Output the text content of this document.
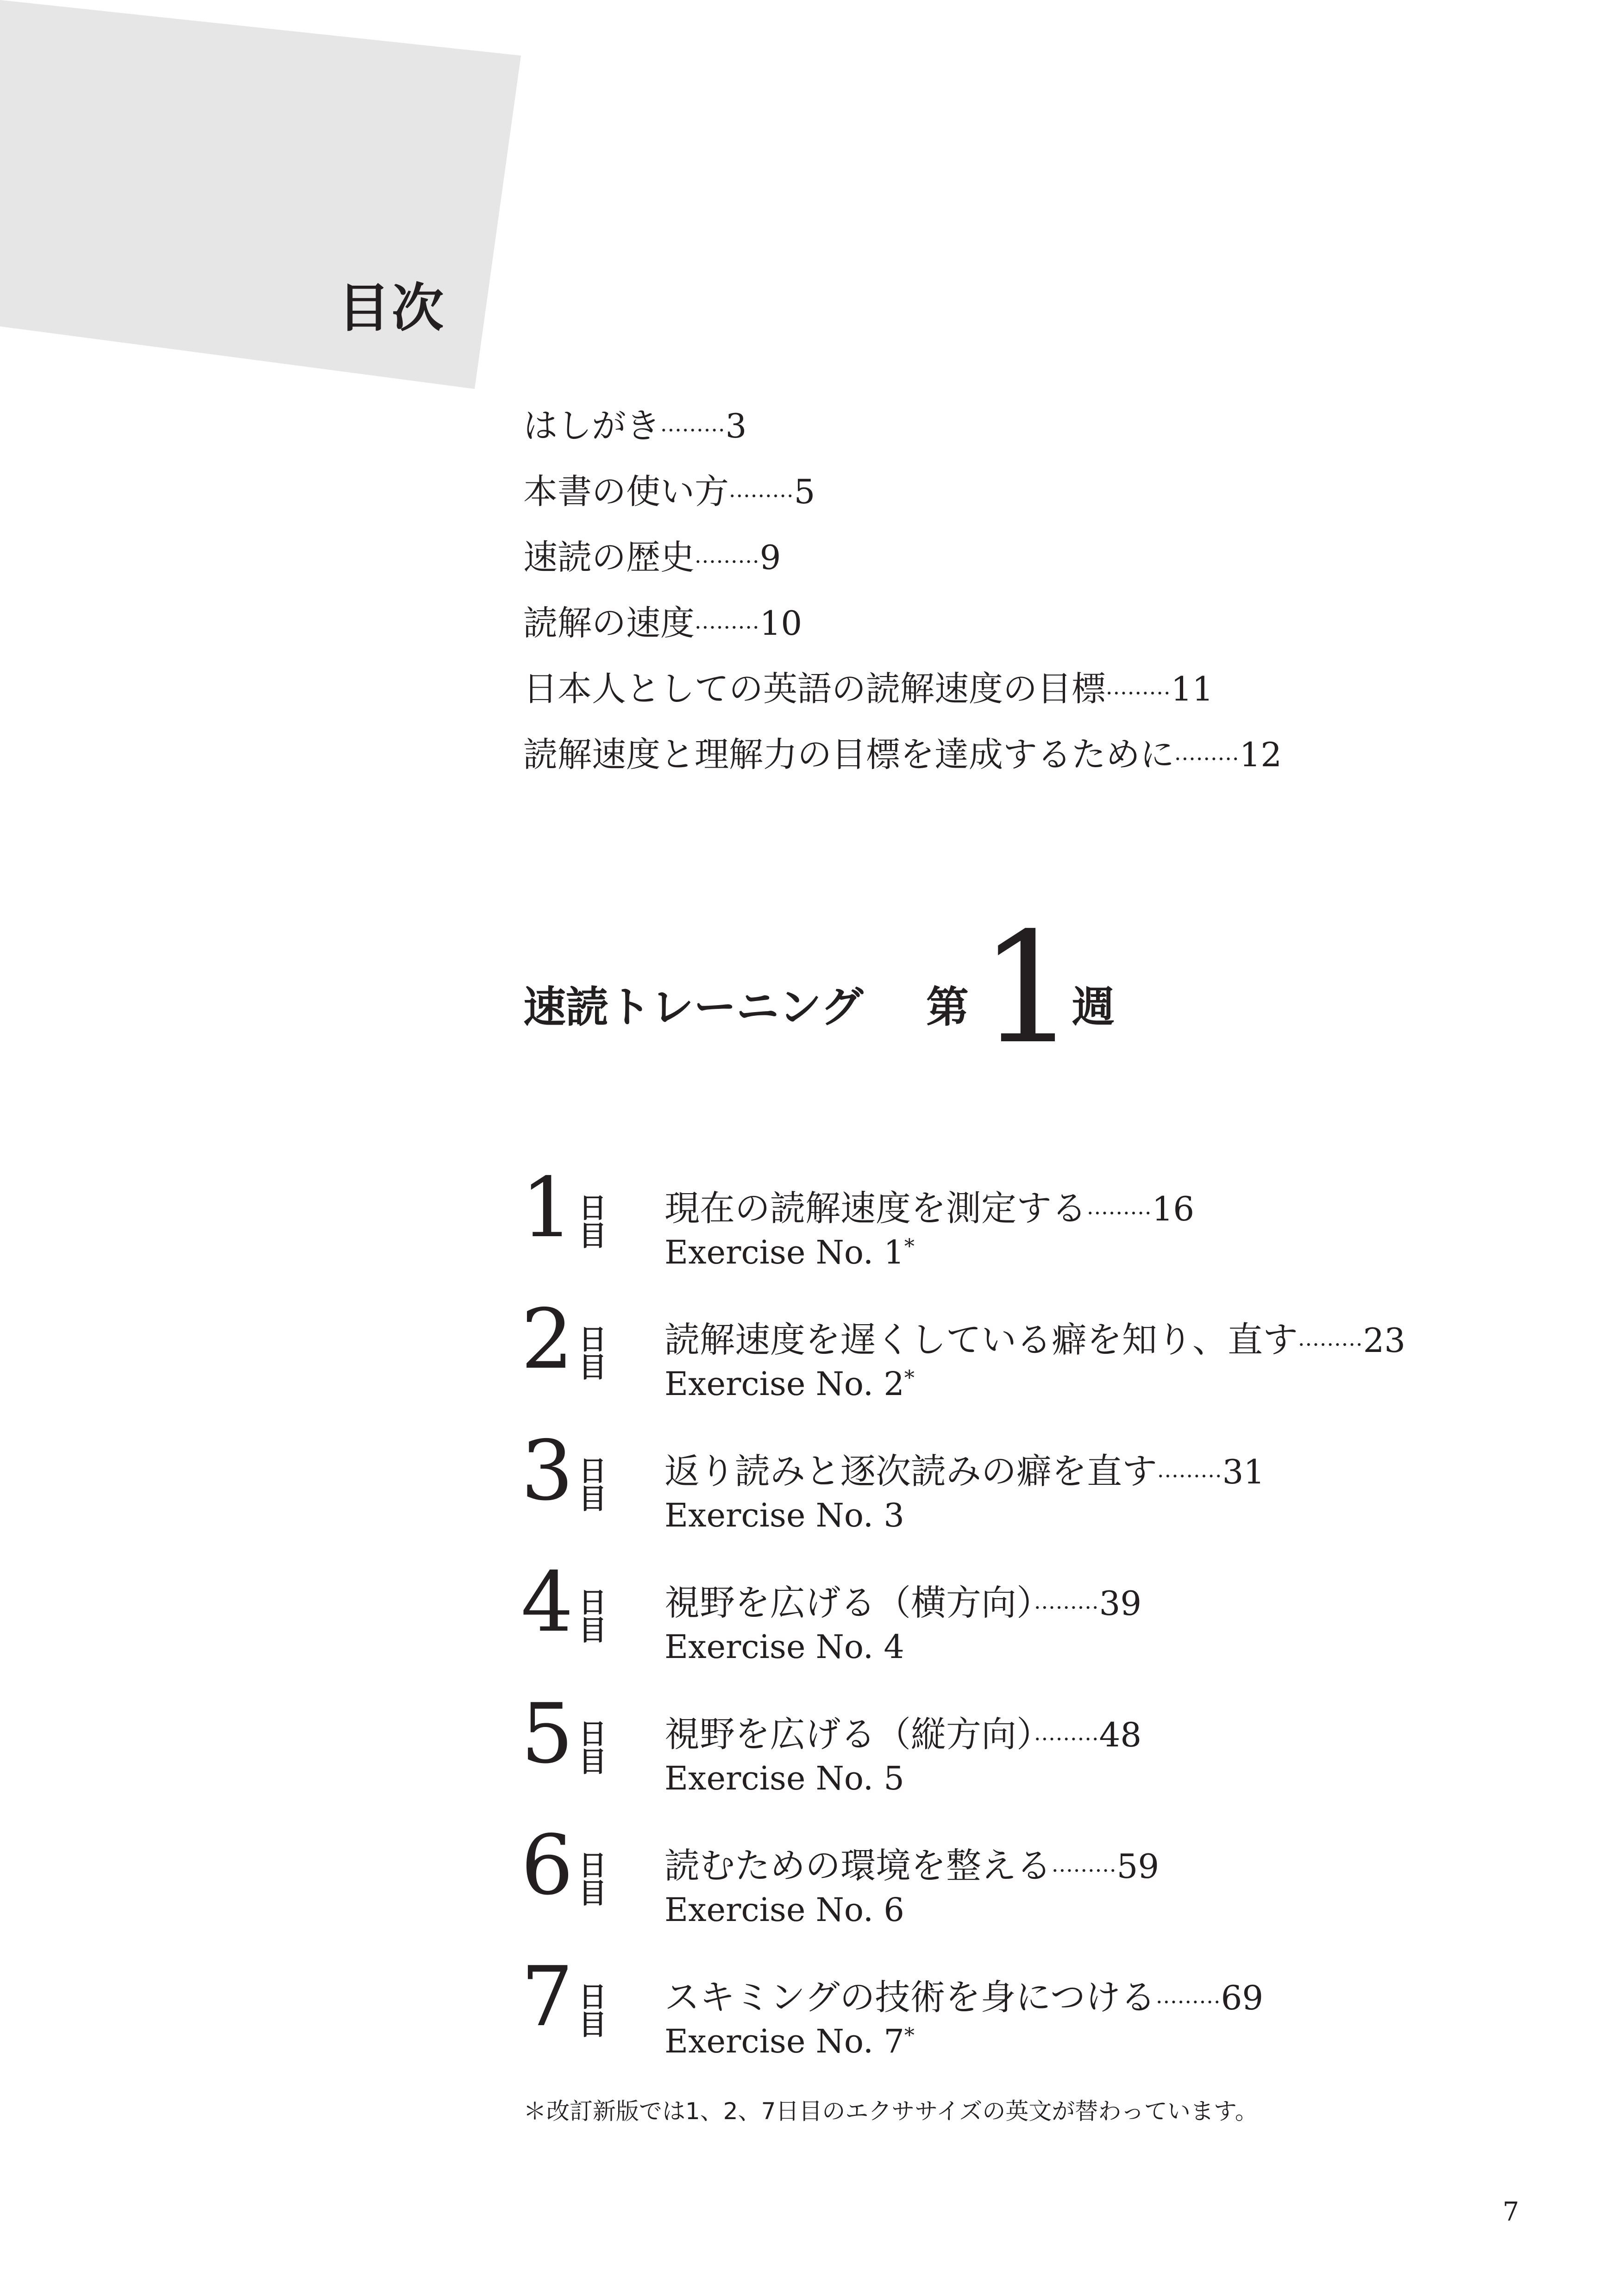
目次
はしがき·········3
本書の使い方·········5
速読の歴史·········9
読解の速度·········10
日本人としての英語の読解速度の目標·········11
読解速度と理解力の目標を達成するために·········12
速読トレーニング 第 1
週
1 日目
現在の読解速度を測定する·········16
Exercise No. 1*
2 日目
読解速度を遅くしている癖を知り、直す·········23
Exercise No. 2*
3 日目
返り読みと逐次読みの癖を直す·········31
Exercise No. 3
4 日目
視野を広げる（横方向）·········39
Exercise No. 4
5 日目
視野を広げる（縦方向）·········48
Exercise No. 5
6 日目
読むための環境を整える·········59
Exercise No. 6
7 日目
スキミングの技術を身につける·········69
Exercise No. 7*
＊改訂新版では1、2、7日目のエクササイズの英文が替わっています。
7
